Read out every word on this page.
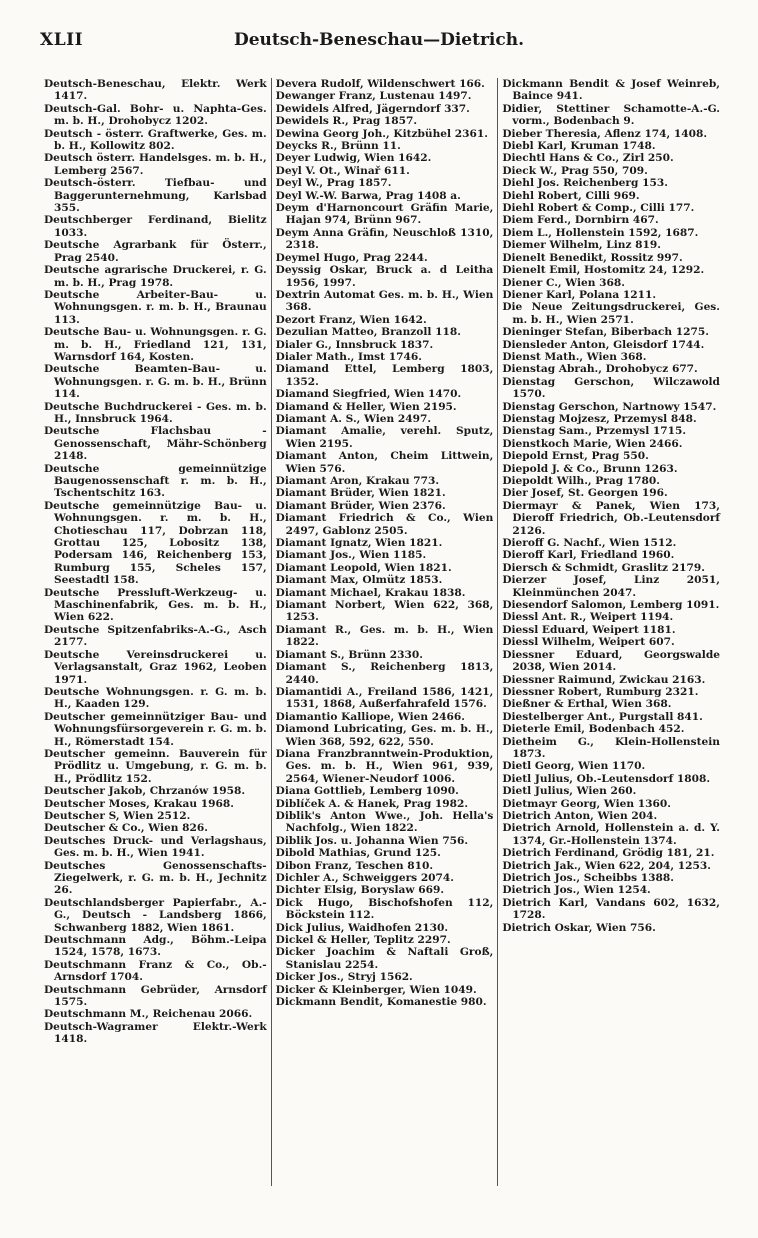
XLII	Deutsch-Beneschau—Dietrich.
Deutsch-Beneschau, Elektr. Werk 1417.
Deutsch-Gal. Bohr- u. Naphta-Ges. m. b. H., Drohobycz 1202.
Deutsch - österr. Graftwerke, Ges. m. b. H., Kollowitz 802.
Deutsch österr. Handelsges. m. b. H., Lemberg 2567.
Deutsch-österr. Tiefbau- und Baggerunternehmung, Karlsbad 355.
Deutschberger Ferdinand, Bielitz 1033.
Deutsche Agrarbank für Österr., Prag 2540.
Deutsche agrarische Druckerei, r. G. m. b. H., Prag 1978.
Deutsche Arbeiter-Bau- u. Wohnungsgen. r. m. b. H., Braunau 113.
Deutsche Bau- u. Wohnungsgen. r. G. m. b. H., Friedland 121, 131, Warnsdorf 164, Kosten.
Deutsche Beamten-Bau- u. Wohnungsgen. r. G. m. b. H., Brünn 114.
Deutsche Buchdruckerei - Ges. m. b. H., Innsbruck 1964.
Deutsche Flachsbau - Genossenschaft, Mähr-Schönberg 2148.
Deutsche gemeinnützige Baugenossenschaft r. m. b. H., Tschentschitz 163.
Deutsche gemeinnützige Bau- u. Wohnungsgen. r. m. b. H., Chotieschau 117, Dobrzan 118, Grottau 125, Lobositz 138, Podersam 146, Reichenberg 153, Rumburg 155, Scheles 157, Seestadtl 158.
Deutsche Pressluft-Werkzeug- u. Maschinenfabrik, Ges. m. b. H., Wien 622.
Deutsche Spitzenfabriks-A.-G., Asch 2177.
Deutsche Vereinsdruckerei u. Verlagsanstalt, Graz 1962, Leoben 1971.
Deutsche Wohnungsgen. r. G. m. b. H., Kaaden 129.
Deutscher gemeinnütziger Bau- und Wohnungsfürsorgeverein r. G. m. b. H., Römerstadt 154.
Deutscher gemeinn. Bauverein für Prödlitz u. Umgebung, r. G. m. b. H., Prödlitz 152.
Deutscher Jakob, Chrzanów 1958.
Deutscher Moses, Krakau 1968.
Deutscher S, Wien 2512.
Deutscher & Co., Wien 826.
Deutsches Druck- und Verlagshaus, Ges. m. b. H., Wien 1941.
Deutsches Genossenschafts-Ziegelwerk, r. G. m. b. H., Jechnitz 26.
Deutschlandsberger Papierfabr., A.-G., Deutsch - Landsberg 1866, Schwanberg 1882, Wien 1861.
Deutschmann Adg., Böhm.-Leipa 1524, 1578, 1673.
Deutschmann Franz & Co., Ob.-Arnsdorf 1704.
Deutschmann Gebrüder, Arnsdorf 1575.
Deutschmann M., Reichenau 2066.
Deutsch-Wagramer Elektr.-Werk 1418.
Devera Rudolf, Wildenschwert 166.
Dewanger Franz, Lustenau 1497.
Dewidels Alfred, Jägerndorf 337.
Dewidels R., Prag 1857.
Dewina Georg Joh., Kitzbühel 2361.
Deycks R., Brünn 11.
Deyer Ludwig, Wien 1642.
Deyl V. Ot., Winař 611.
Deyl W., Prag 1857.
Deyl W.-W. Barwa, Prag 1408 a.
Deym d'Harnoncourt Gräfin Marie, Hajan 974, Brünn 967.
Deym Anna Gräfin, Neuschloß 1310, 2318.
Deymel Hugo, Prag 2244.
Deyssig Oskar, Bruck a. d Leitha 1956, 1997.
Dextrin Automat Ges. m. b. H., Wien 368.
Dezort Franz, Wien 1642.
Dezulian Matteo, Branzoll 118.
Dialer G., Innsbruck 1837.
Dialer Math., Imst 1746.
Diamand Ettel, Lemberg 1803, 1352.
Diamand Siegfried, Wien 1470.
Diamand & Heller, Wien 2195.
Diamant A. S., Wien 2497.
Diamant Amalie, verehl. Sputz, Wien 2195.
Diamant Anton, Cheim Littwein, Wien 576.
Diamant Aron, Krakau 773.
Diamant Brüder, Wien 1821.
Diamant Brüder, Wien 2376.
Diamant Friedrich & Co., Wien 2497, Gablonz 2505.
Diamant Ignatz, Wien 1821.
Diamant Jos., Wien 1185.
Diamant Leopold, Wien 1821.
Diamant Max, Olmütz 1853.
Diamant Michael, Krakau 1838.
Diamant Norbert, Wien 622, 368, 1253.
Diamant R., Ges. m. b. H., Wien 1822.
Diamant S., Brünn 2330.
Diamant S., Reichenberg 1813, 2440.
Diamantidi A., Freiland 1586, 1421, 1531, 1868, Außerfahrafeld 1576.
Diamantio Kalliope, Wien 2466.
Diamond Lubricating, Ges. m. b. H., Wien 368, 592, 622, 550.
Diana Franzbranntwein-Produktion, Ges. m. b. H., Wien 961, 939, 2564, Wiener-Neudorf 1006.
Diana Gottlieb, Lemberg 1090.
Diblíček A. & Hanek, Prag 1982.
Diblik's Anton Wwe., Joh. Hella's Nachfolg., Wien 1822.
Diblik Jos. u. Johanna Wien 756.
Dibold Mathias, Grund 125.
Dibon Franz, Teschen 810.
Dichler A., Schweiggers 2074.
Dichter Elsig, Boryslaw 669.
Dick Hugo, Bischofshofen 112, Böckstein 112.
Dick Julius, Waidhofen 2130.
Dickel & Heller, Teplitz 2297.
Dicker Joachim & Naftali Groß, Stanislau 2254.
Dicker Jos., Stryj 1562.
Dicker & Kleinberger, Wien 1049.
Dickmann Bendit, Komanestie 980.
Dickmann Bendit & Josef Weinreb, Baince 941.
Didier, Stettiner Schamotte-A.-G. vorm., Bodenbach 9.
Dieber Theresia, Aflenz 174, 1408.
Diebl Karl, Kruman 1748.
Diechtl Hans & Co., Zirl 250.
Dieck W., Prag 550, 709.
Diehl Jos. Reichenberg 153.
Diehl Robert, Cilli 969.
Diehl Robert & Comp., Cilli 177.
Diem Ferd., Dornbirn 467.
Diem L., Hollenstein 1592, 1687.
Diemer Wilhelm, Linz 819.
Dienelt Benedikt, Rossitz 997.
Dienelt Emil, Hostomitz 24, 1292.
Diener C., Wien 368.
Diener Karl, Polana 1211.
Die Neue Zeitungsdruckerei, Ges. m. b. H., Wien 2571.
Dieninger Stefan, Biberbach 1275.
Diensleder Anton, Gleisdorf 1744.
Dienst Math., Wien 368.
Dienstag Abrah., Drohobycz 677.
Dienstag Gerschon, Wilczawold 1570.
Dienstag Gerschon, Nartnowy 1547.
Dienstag Mojzesz, Przemysl 848.
Dienstag Sam., Przemysl 1715.
Dienstkoch Marie, Wien 2466.
Diepold Ernst, Prag 550.
Diepold J. & Co., Brunn 1263.
Diepoldt Wilh., Prag 1780.
Dier Josef, St. Georgen 196.
Diermayr & Panek, Wien 173, Dieroff Friedrich, Ob.-Leutensdorf 2126.
Dieroff G. Nachf., Wien 1512.
Dieroff Karl, Friedland 1960.
Diersch & Schmidt, Graslitz 2179.
Dierzer Josef, Linz 2051, Kleinmünchen 2047.
Diesendorf Salomon, Lemberg 1091.
Diessl Ant. R., Weipert 1194.
Diessl Eduard, Weipert 1181.
Diessl Wilhelm, Weipert 607.
Diessner Eduard, Georgswalde 2038, Wien 2014.
Diessner Raimund, Zwickau 2163.
Diessner Robert, Rumburg 2321.
Dießner & Erthal, Wien 368.
Diestelberger Ant., Purgstall 841.
Dieterle Emil, Bodenbach 452.
Dietheim G., Klein-Hollenstein 1873.
Dietl Georg, Wien 1170.
Dietl Julius, Ob.-Leutensdorf 1808.
Dietl Julius, Wien 260.
Dietmayr Georg, Wien 1360.
Dietrich Anton, Wien 204.
Dietrich Arnold, Hollenstein a. d. Y. 1374, Gr.-Hollenstein 1374.
Dietrich Ferdinand, Grödig 181, 21.
Dietrich Jak., Wien 622, 204, 1253.
Dietrich Jos., Scheibbs 1388.
Dietrich Jos., Wien 1254.
Dietrich Karl, Vandans 602, 1632, 1728.
Dietrich Oskar, Wien 756.
